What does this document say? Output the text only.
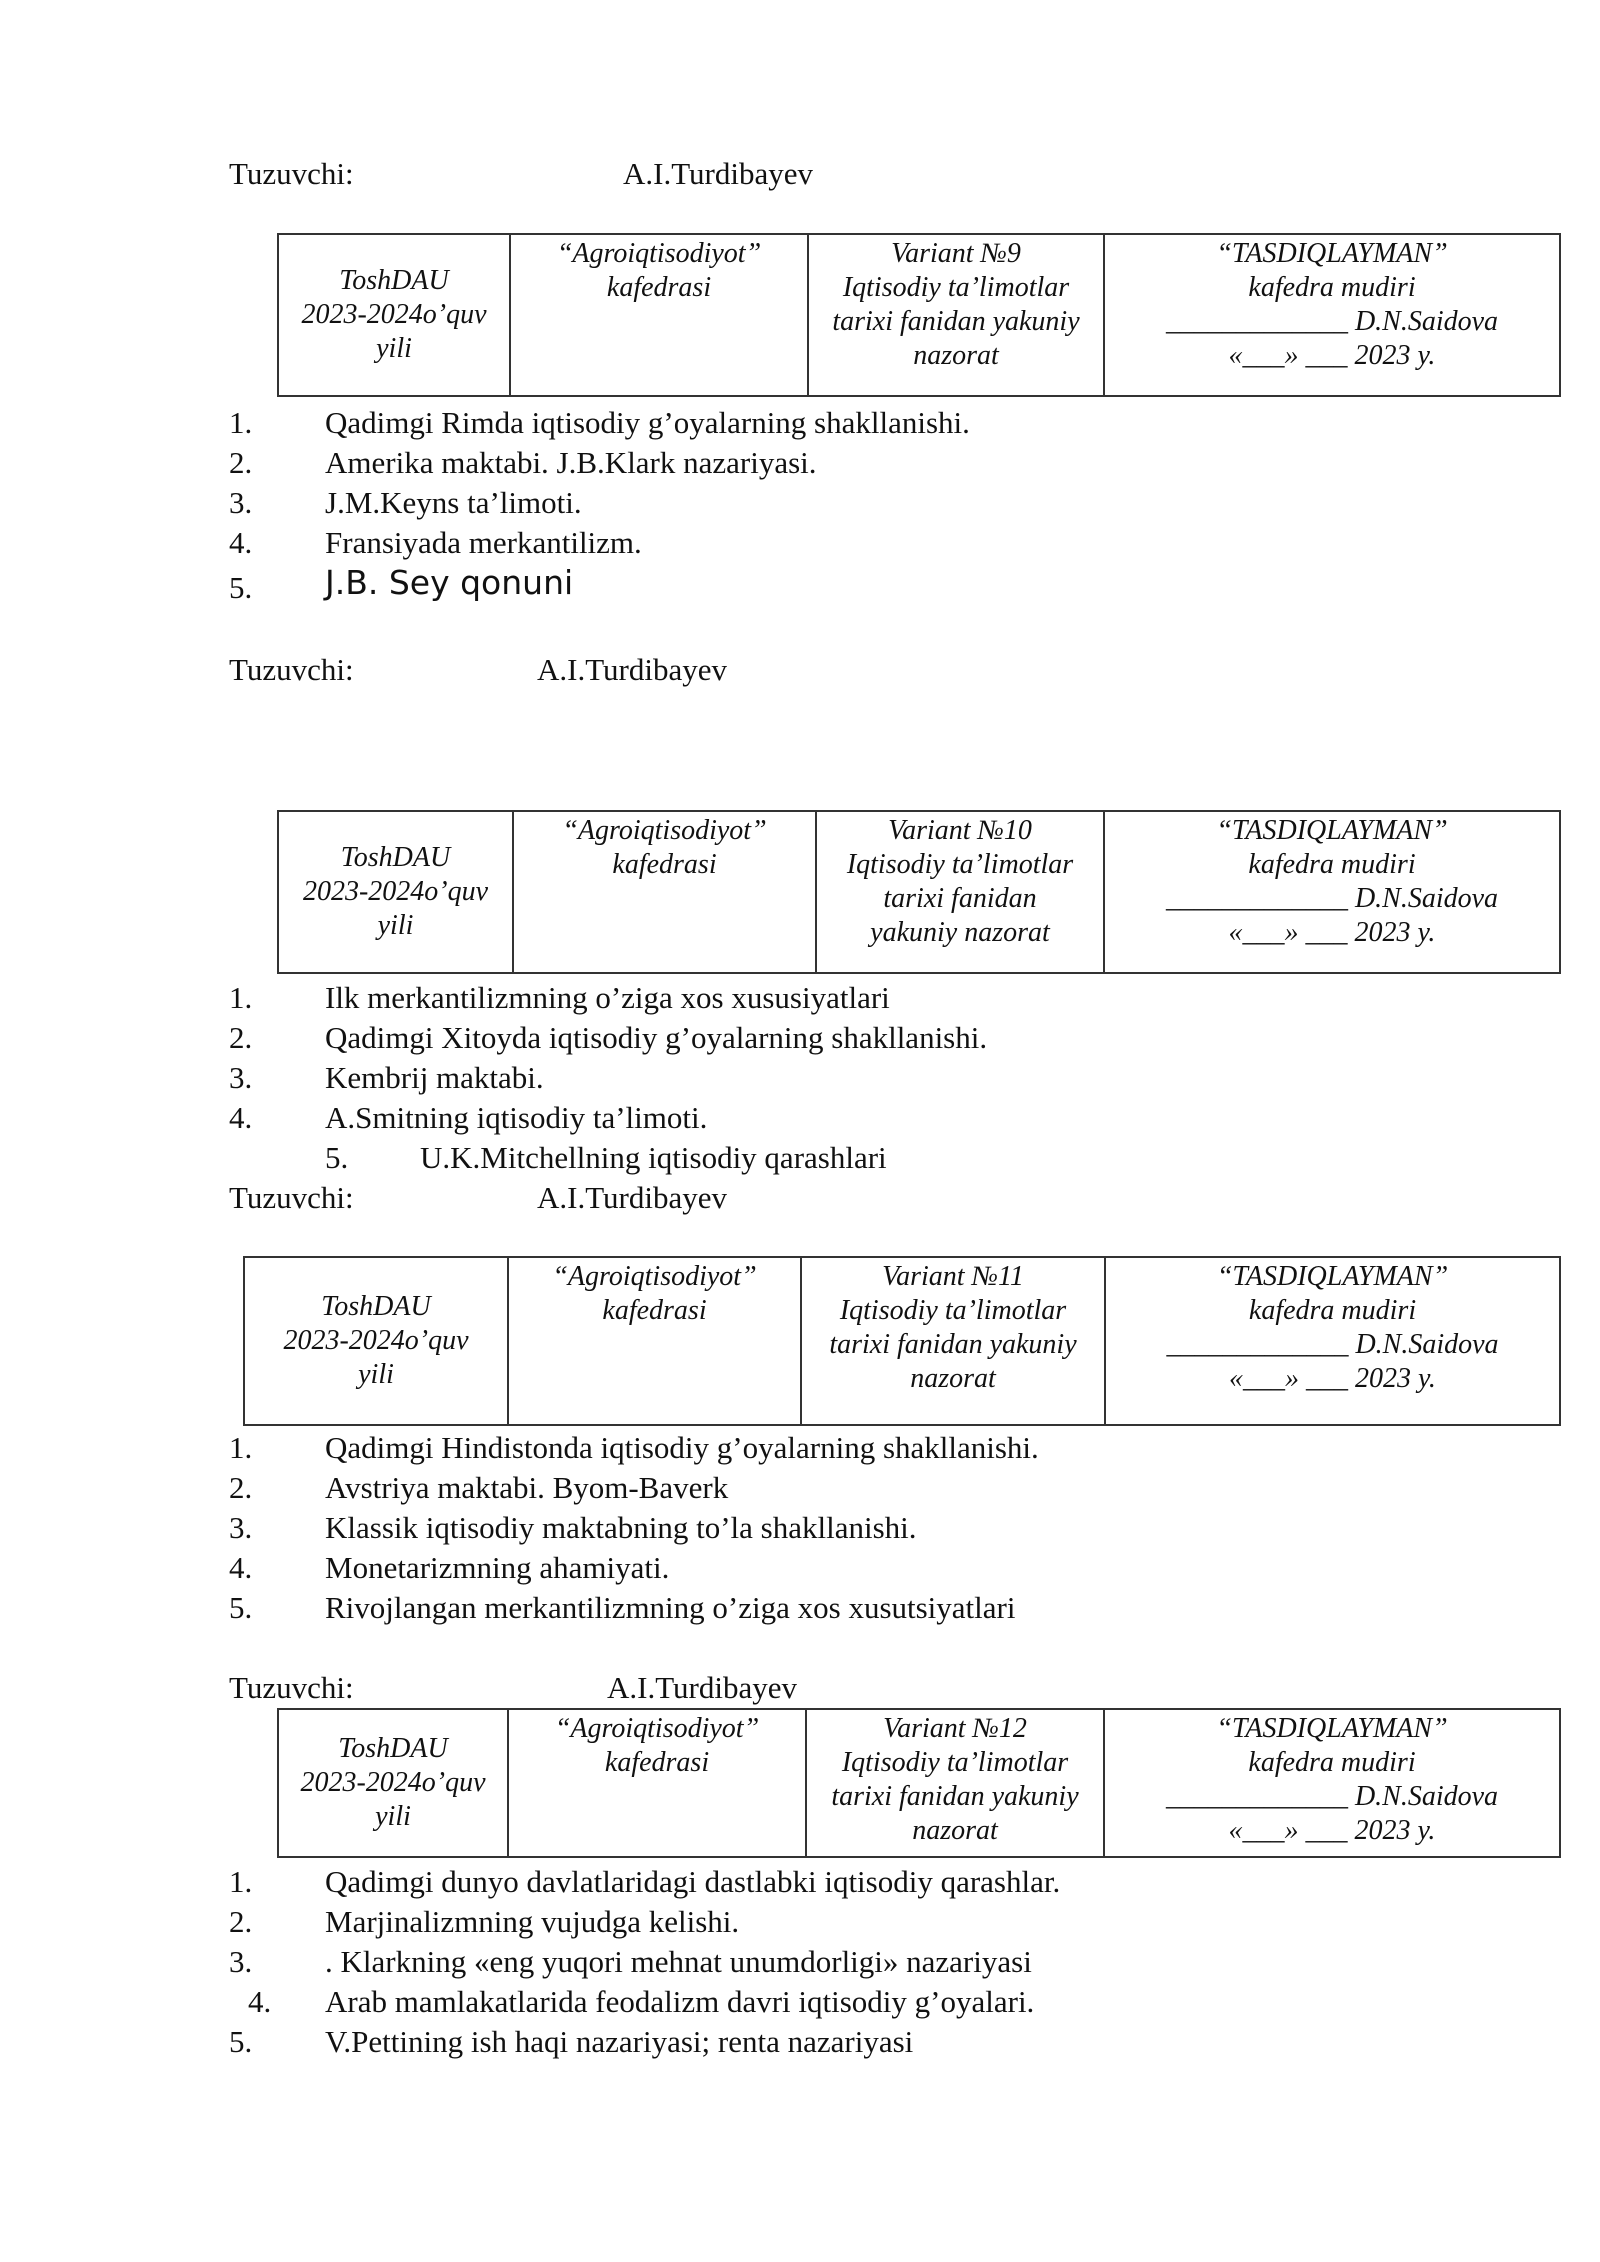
Tuzuvchi:	A.I.Turdibayev
ToshDAU
2023-2024o’quv
yili

“Agroiqtisodiyot”
kafedrasi

Variant №9
Iqtisodiy ta’limotlar
tarixi fanidan yakuniy
nazorat

“TASDIQLAYMAN”
kafedra mudiri
_____________ D.N.Saidova
«___» ___ 2023 y.
1. Qadimgi Rimda iqtisodiy g’oyalarning shakllanishi.
2. Amerika maktabi. J.B.Klark nazariyasi.
3. J.M.Keyns ta’limoti.
4. Fransiyada merkantilizm.
5. J.B. Sey qonuni
Tuzuvchi:	A.I.Turdibayev
ToshDAU
2023-2024o’quv
yili

“Agroiqtisodiyot”
kafedrasi

Variant №10
Iqtisodiy ta’limotlar
tarixi fanidan
yakuniy nazorat

“TASDIQLAYMAN”
kafedra mudiri
_____________ D.N.Saidova
«___» ___ 2023 y.
1. Ilk merkantilizmning o’ziga xos xususiyatlari
2. Qadimgi Xitoyda iqtisodiy g’oyalarning shakllanishi.
3. Kembrij maktabi.
4. A.Smitning iqtisodiy ta’limoti.
5. U.K.Mitchellning iqtisodiy qarashlari
Tuzuvchi:	A.I.Turdibayev
ToshDAU
2023-2024o’quv
yili

“Agroiqtisodiyot”
kafedrasi

Variant №11
Iqtisodiy ta’limotlar
tarixi fanidan yakuniy
nazorat

“TASDIQLAYMAN”
kafedra mudiri
_____________ D.N.Saidova
«___» ___ 2023 y.
1. Qadimgi Hindistonda iqtisodiy g’oyalarning shakllanishi.
2. Avstriya maktabi. Byom-Baverk
3. Klassik iqtisodiy maktabning to’la shakllanishi.
4. Monetarizmning ahamiyati.
5. Rivojlangan merkantilizmning o’ziga xos xusutsiyatlari
Tuzuvchi:	A.I.Turdibayev
ToshDAU
2023-2024o’quv
yili

“Agroiqtisodiyot”
kafedrasi

Variant №12
Iqtisodiy ta’limotlar
tarixi fanidan yakuniy
nazorat

“TASDIQLAYMAN”
kafedra mudiri
_____________ D.N.Saidova
«___» ___ 2023 y.
1. Qadimgi dunyo davlatlaridagi dastlabki iqtisodiy qarashlar.
2. Marjinalizmning vujudga kelishi.
3. . Klarkning «eng yuqori mehnat unumdorligi» nazariyasi
4. Arab mamlakatlarida feodalizm davri iqtisodiy g’oyalari.
5. V.Pettining ish haqi nazariyasi; renta nazariyasi
